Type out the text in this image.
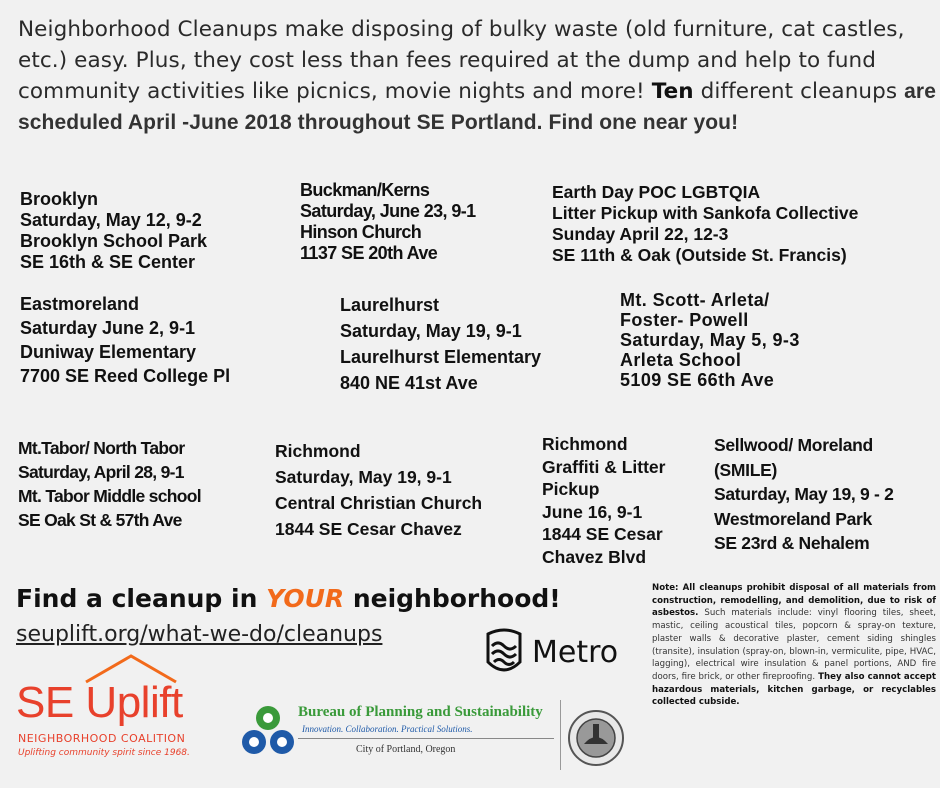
Neighborhood Cleanups make disposing of bulky waste (old furniture, cat castles, etc.) easy. Plus, they cost less than fees required at the dump and help to fund community activities like picnics, movie nights and more! Ten different cleanups are scheduled April -June 2018 throughout SE Portland. Find one near you!
Brooklyn
Saturday, May 12, 9-2
Brooklyn School Park
SE 16th & SE Center
Buckman/Kerns
Saturday, June 23, 9-1
Hinson Church
1137 SE 20th Ave
Earth Day POC LGBTQIA
Litter Pickup with Sankofa Collective
Sunday April 22, 12-3
SE 11th & Oak (Outside St. Francis)
Eastmoreland
Saturday June 2, 9-1
Duniway Elementary
7700 SE Reed College Pl
Laurelhurst
Saturday, May 19, 9-1
Laurelhurst Elementary
840 NE 41st Ave
Mt. Scott- Arleta/
Foster- Powell
Saturday, May 5, 9-3
Arleta School
5109 SE 66th Ave
Mt.Tabor/ North Tabor
Saturday, April 28, 9-1
Mt. Tabor Middle school
SE Oak St & 57th Ave
Richmond
Saturday, May 19, 9-1
Central Christian Church
1844 SE Cesar Chavez
Richmond
Graffiti & Litter
Pickup
June 16, 9-1
1844 SE Cesar
Chavez Blvd
Sellwood/ Moreland
(SMILE)
Saturday, May 19, 9 - 2
Westmoreland Park
SE 23rd & Nehalem
Find a cleanup in YOUR neighborhood!
seuplift.org/what-we-do/cleanups
Note: All cleanups prohibit disposal of all materials from construction, remodelling, and demolition, due to risk of asbestos. Such materials include: vinyl flooring tiles, sheet, mastic, ceiling acoustical tiles, popcorn & spray-on texture, plaster walls & decorative plaster, cement siding shingles (transite), insulation (spray-on, blown-in, vermiculite, pipe, HVAC, lagging), electrical wire insulation & panel portions, AND fire doors, fire brick, or other fireproofing. They also cannot accept hazardous materials, kitchen garbage, or recyclables collected cubside.
Metro
SE Uplift
NEIGHBORHOOD COALITION
Uplifting community spirit since 1968.
Bureau of Planning and Sustainability
Innovation. Collaboration. Practical Solutions.
City of Portland, Oregon
